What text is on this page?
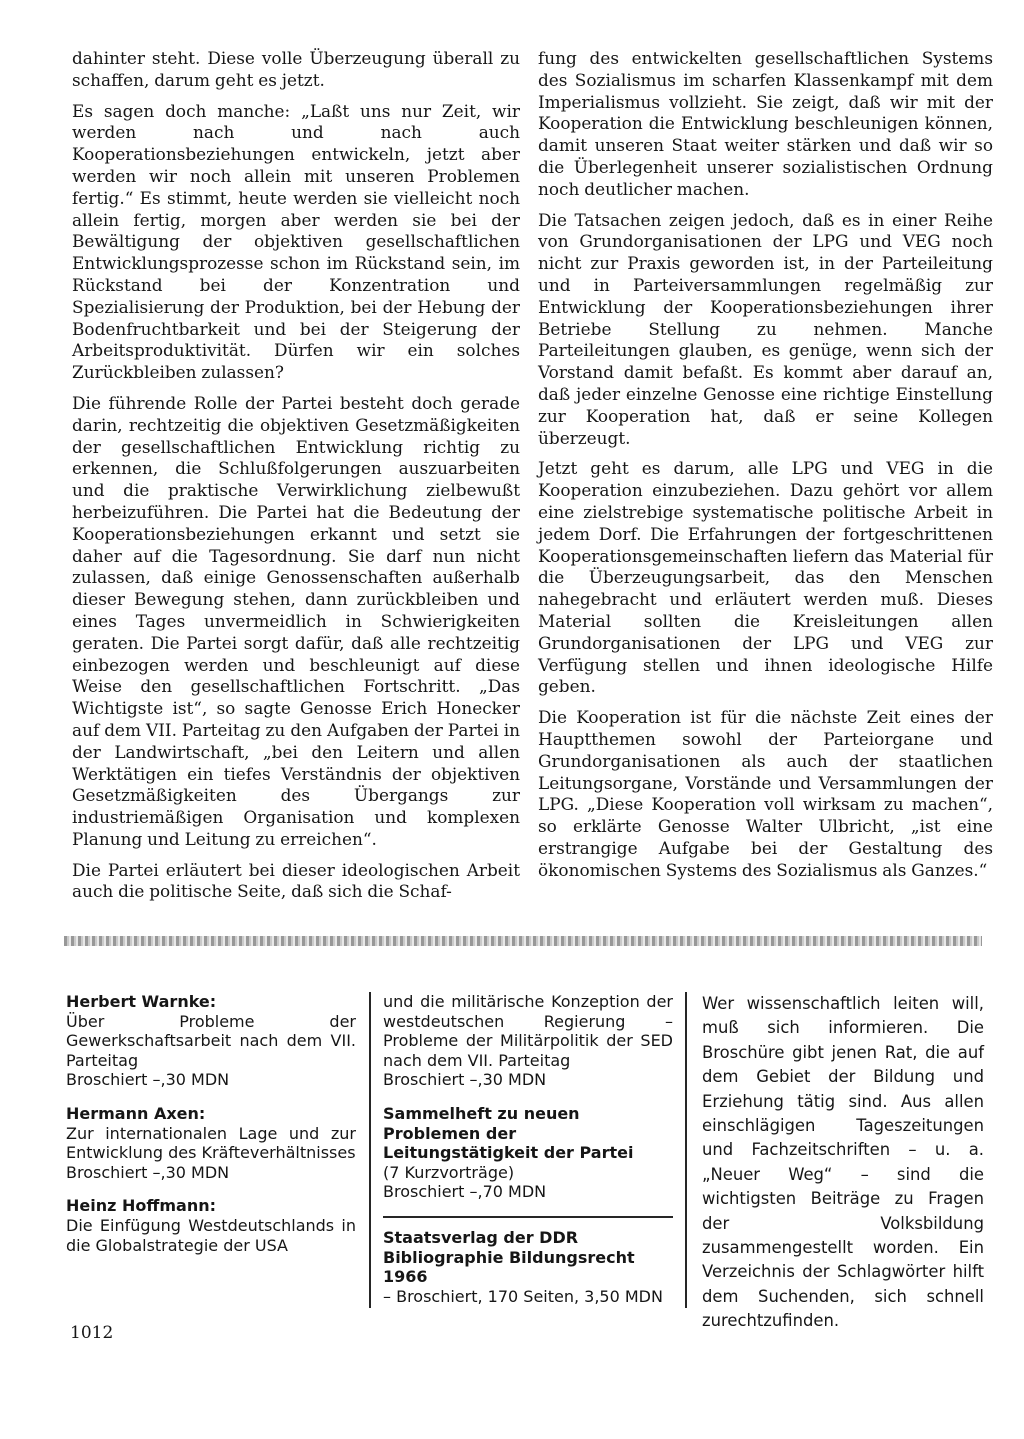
dahinter steht. Diese volle Überzeugung überall zu schaffen, darum geht es jetzt.

Es sagen doch manche: „Laßt uns nur Zeit, wir werden nach und nach auch Kooperationsbeziehungen entwickeln, jetzt aber werden wir noch allein mit unseren Problemen fertig.“ Es stimmt, heute werden sie vielleicht noch allein fertig, morgen aber werden sie bei der Bewältigung der objektiven gesellschaftlichen Entwicklungsprozesse schon im Rückstand sein, im Rückstand bei der Konzentration und Spezialisierung der Produktion, bei der Hebung der Bodenfruchtbarkeit und bei der Steigerung der Arbeitsproduktivität. Dürfen wir ein solches Zurückbleiben zulassen?

Die führende Rolle der Partei besteht doch gerade darin, rechtzeitig die objektiven Gesetzmäßigkeiten der gesellschaftlichen Entwicklung richtig zu erkennen, die Schlußfolgerungen auszuarbeiten und die praktische Verwirklichung zielbewußt herbeizuführen. Die Partei hat die Bedeutung der Kooperationsbeziehungen erkannt und setzt sie daher auf die Tagesordnung. Sie darf nun nicht zulassen, daß einige Genossenschaften außerhalb dieser Bewegung stehen, dann zurückbleiben und eines Tages unvermeidlich in Schwierigkeiten geraten. Die Partei sorgt dafür, daß alle rechtzeitig einbezogen werden und beschleunigt auf diese Weise den gesellschaftlichen Fortschritt. „Das Wichtigste ist“, so sagte Genosse Erich Honecker auf dem VII. Parteitag zu den Aufgaben der Partei in der Landwirtschaft, „bei den Leitern und allen Werktätigen ein tiefes Verständnis der objektiven Gesetzmäßigkeiten des Übergangs zur industriemäßigen Organisation und komplexen Planung und Leitung zu erreichen“.

Die Partei erläutert bei dieser ideologischen Arbeit auch die politische Seite, daß sich die Schaf-

fung des entwickelten gesellschaftlichen Systems des Sozialismus im scharfen Klassenkampf mit dem Imperialismus vollzieht. Sie zeigt, daß wir mit der Kooperation die Entwicklung beschleunigen können, damit unseren Staat weiter stärken und daß wir so die Überlegenheit unserer sozialistischen Ordnung noch deutlicher machen.

Die Tatsachen zeigen jedoch, daß es in einer Reihe von Grundorganisationen der LPG und VEG noch nicht zur Praxis geworden ist, in der Parteileitung und in Parteiversammlungen regelmäßig zur Entwicklung der Kooperationsbeziehungen ihrer Betriebe Stellung zu nehmen. Manche Parteileitungen glauben, es genüge, wenn sich der Vorstand damit befaßt. Es kommt aber darauf an, daß jeder einzelne Genosse eine richtige Einstellung zur Kooperation hat, daß er seine Kollegen überzeugt.

Jetzt geht es darum, alle LPG und VEG in die Kooperation einzubeziehen. Dazu gehört vor allem eine zielstrebige systematische politische Arbeit in jedem Dorf. Die Erfahrungen der fortgeschrittenen Kooperationsgemeinschaften liefern das Material für die Überzeugungsarbeit, das den Menschen nahegebracht und erläutert werden muß. Dieses Material sollten die Kreisleitungen allen Grundorganisationen der LPG und VEG zur Verfügung stellen und ihnen ideologische Hilfe geben.

Die Kooperation ist für die nächste Zeit eines der Hauptthemen sowohl der Parteiorgane und Grundorganisationen als auch der staatlichen Leitungsorgane, Vorstände und Versammlungen der LPG. „Diese Kooperation voll wirksam zu machen“, so erklärte Genosse Walter Ulbricht, „ist eine erstrangige Aufgabe bei der Gestaltung des ökonomischen Systems des Sozialismus als Ganzes.“

Herbert Warnke:
Über Probleme der Gewerkschaftsarbeit nach dem VII. Parteitag
Broschiert –,30 MDN
Hermann Axen:
Zur internationalen Lage und zur Entwicklung des Kräfteverhältnisses
Broschiert –,30 MDN
Heinz Hoffmann:
Die Einfügung Westdeutschlands in die Globalstrategie der USA
und die militärische Konzeption der westdeutschen Regierung – Probleme der Militärpolitik der SED nach dem VII. Parteitag
Broschiert –,30 MDN
Sammelheft zu neuen Problemen der Leitungstätigkeit der Partei
(7 Kurzvorträge)
Broschiert –,70 MDN
Staatsverlag der DDR
Bibliographie Bildungsrecht 1966
– Broschiert, 170 Seiten, 3,50 MDN
Wer wissenschaftlich leiten will, muß sich informieren. Die Broschüre gibt jenen Rat, die auf dem Gebiet der Bildung und Erziehung tätig sind. Aus allen einschlägigen Tageszeitungen und Fachzeitschriften – u. a. „Neuer Weg“ – sind die wichtigsten Beiträge zu Fragen der Volksbildung zusammengestellt worden. Ein Verzeichnis der Schlagwörter hilft dem Suchenden, sich schnell zurechtzufinden.
1012
